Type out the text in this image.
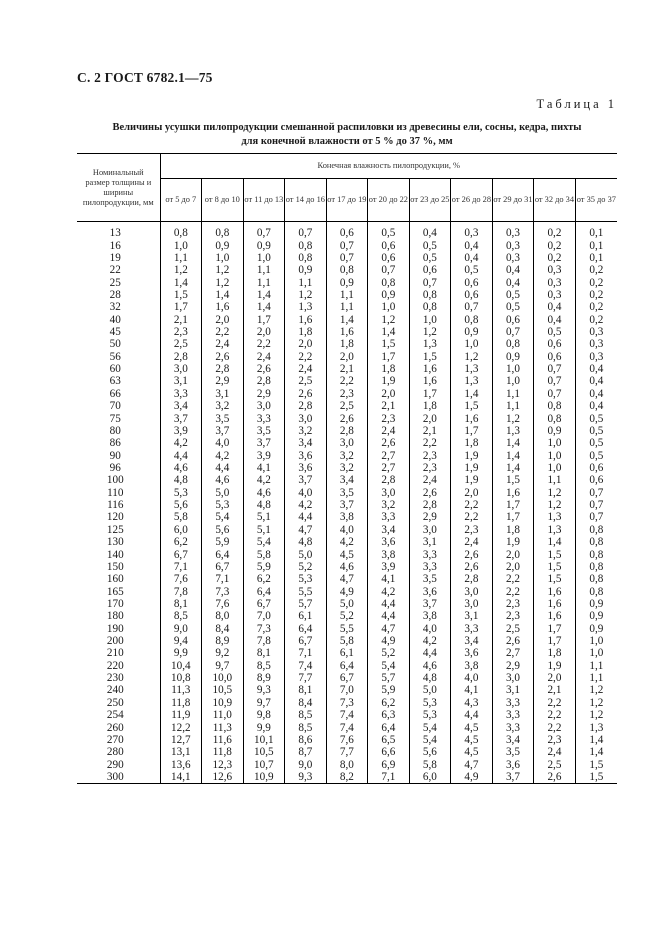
С. 2 ГОСТ 6782.1—75
Таблица 1
Величины усушки пилопродукции смешанной распиловки из древесины ели, сосны, кедра, пихты
для конечной влажности от 5 % до 37 %, мм
Номинальный размер толщины и ширины пилопродукции, мм	Конечная влажность пилопродукции, %										
	от 5 до 7	от 8 до 10	от 11 до 13	от 14 до 16	от 17 до 19	от 20 до 22	от 23 до 25	от 26 до 28	от 29 до 31	от 32 до 34	от 35 до 37
13	0,8	0,8	0,7	0,7	0,6	0,5	0,4	0,3	0,3	0,2	0,1
16	1,0	0,9	0,9	0,8	0,7	0,6	0,5	0,4	0,3	0,2	0,1
19	1,1	1,0	1,0	0,8	0,7	0,6	0,5	0,4	0,3	0,2	0,1
22	1,2	1,2	1,1	0,9	0,8	0,7	0,6	0,5	0,4	0,3	0,2
25	1,4	1,2	1,1	1,1	0,9	0,8	0,7	0,6	0,4	0,3	0,2
28	1,5	1,4	1,4	1,2	1,1	0,9	0,8	0,6	0,5	0,3	0,2
32	1,7	1,6	1,4	1,3	1,1	1,0	0,8	0,7	0,5	0,4	0,2
40	2,1	2,0	1,7	1,6	1,4	1,2	1,0	0,8	0,6	0,4	0,2
45	2,3	2,2	2,0	1,8	1,6	1,4	1,2	0,9	0,7	0,5	0,3
50	2,5	2,4	2,2	2,0	1,8	1,5	1,3	1,0	0,8	0,6	0,3
56	2,8	2,6	2,4	2,2	2,0	1,7	1,5	1,2	0,9	0,6	0,3
60	3,0	2,8	2,6	2,4	2,1	1,8	1,6	1,3	1,0	0,7	0,4
63	3,1	2,9	2,8	2,5	2,2	1,9	1,6	1,3	1,0	0,7	0,4
66	3,3	3,1	2,9	2,6	2,3	2,0	1,7	1,4	1,1	0,7	0,4
70	3,4	3,2	3,0	2,8	2,5	2,1	1,8	1,5	1,1	0,8	0,4
75	3,7	3,5	3,3	3,0	2,6	2,3	2,0	1,6	1,2	0,8	0,5
80	3,9	3,7	3,5	3,2	2,8	2,4	2,1	1,7	1,3	0,9	0,5
86	4,2	4,0	3,7	3,4	3,0	2,6	2,2	1,8	1,4	1,0	0,5
90	4,4	4,2	3,9	3,6	3,2	2,7	2,3	1,9	1,4	1,0	0,5
96	4,6	4,4	4,1	3,6	3,2	2,7	2,3	1,9	1,4	1,0	0,6
100	4,8	4,6	4,2	3,7	3,4	2,8	2,4	1,9	1,5	1,1	0,6
110	5,3	5,0	4,6	4,0	3,5	3,0	2,6	2,0	1,6	1,2	0,7
116	5,6	5,3	4,8	4,2	3,7	3,2	2,8	2,2	1,7	1,2	0,7
120	5,8	5,4	5,1	4,4	3,8	3,3	2,9	2,2	1,7	1,3	0,7
125	6,0	5,6	5,1	4,7	4,0	3,4	3,0	2,3	1,8	1,3	0,8
130	6,2	5,9	5,4	4,8	4,2	3,6	3,1	2,4	1,9	1,4	0,8
140	6,7	6,4	5,8	5,0	4,5	3,8	3,3	2,6	2,0	1,5	0,8
150	7,1	6,7	5,9	5,2	4,6	3,9	3,3	2,6	2,0	1,5	0,8
160	7,6	7,1	6,2	5,3	4,7	4,1	3,5	2,8	2,2	1,5	0,8
165	7,8	7,3	6,4	5,5	4,9	4,2	3,6	3,0	2,2	1,6	0,8
170	8,1	7,6	6,7	5,7	5,0	4,4	3,7	3,0	2,3	1,6	0,9
180	8,5	8,0	7,0	6,1	5,2	4,4	3,8	3,1	2,3	1,6	0,9
190	9,0	8,4	7,3	6,4	5,5	4,7	4,0	3,3	2,5	1,7	0,9
200	9,4	8,9	7,8	6,7	5,8	4,9	4,2	3,4	2,6	1,7	1,0
210	9,9	9,2	8,1	7,1	6,1	5,2	4,4	3,6	2,7	1,8	1,0
220	10,4	9,7	8,5	7,4	6,4	5,4	4,6	3,8	2,9	1,9	1,1
230	10,8	10,0	8,9	7,7	6,7	5,7	4,8	4,0	3,0	2,0	1,1
240	11,3	10,5	9,3	8,1	7,0	5,9	5,0	4,1	3,1	2,1	1,2
250	11,8	10,9	9,7	8,4	7,3	6,2	5,3	4,3	3,3	2,2	1,2
254	11,9	11,0	9,8	8,5	7,4	6,3	5,3	4,4	3,3	2,2	1,2
260	12,2	11,3	9,9	8,5	7,4	6,4	5,4	4,5	3,3	2,2	1,3
270	12,7	11,6	10,1	8,6	7,6	6,5	5,4	4,5	3,4	2,3	1,4
280	13,1	11,8	10,5	8,7	7,7	6,6	5,6	4,5	3,5	2,4	1,4
290	13,6	12,3	10,7	9,0	8,0	6,9	5,8	4,7	3,6	2,5	1,5
300	14,1	12,6	10,9	9,3	8,2	7,1	6,0	4,9	3,7	2,6	1,5
